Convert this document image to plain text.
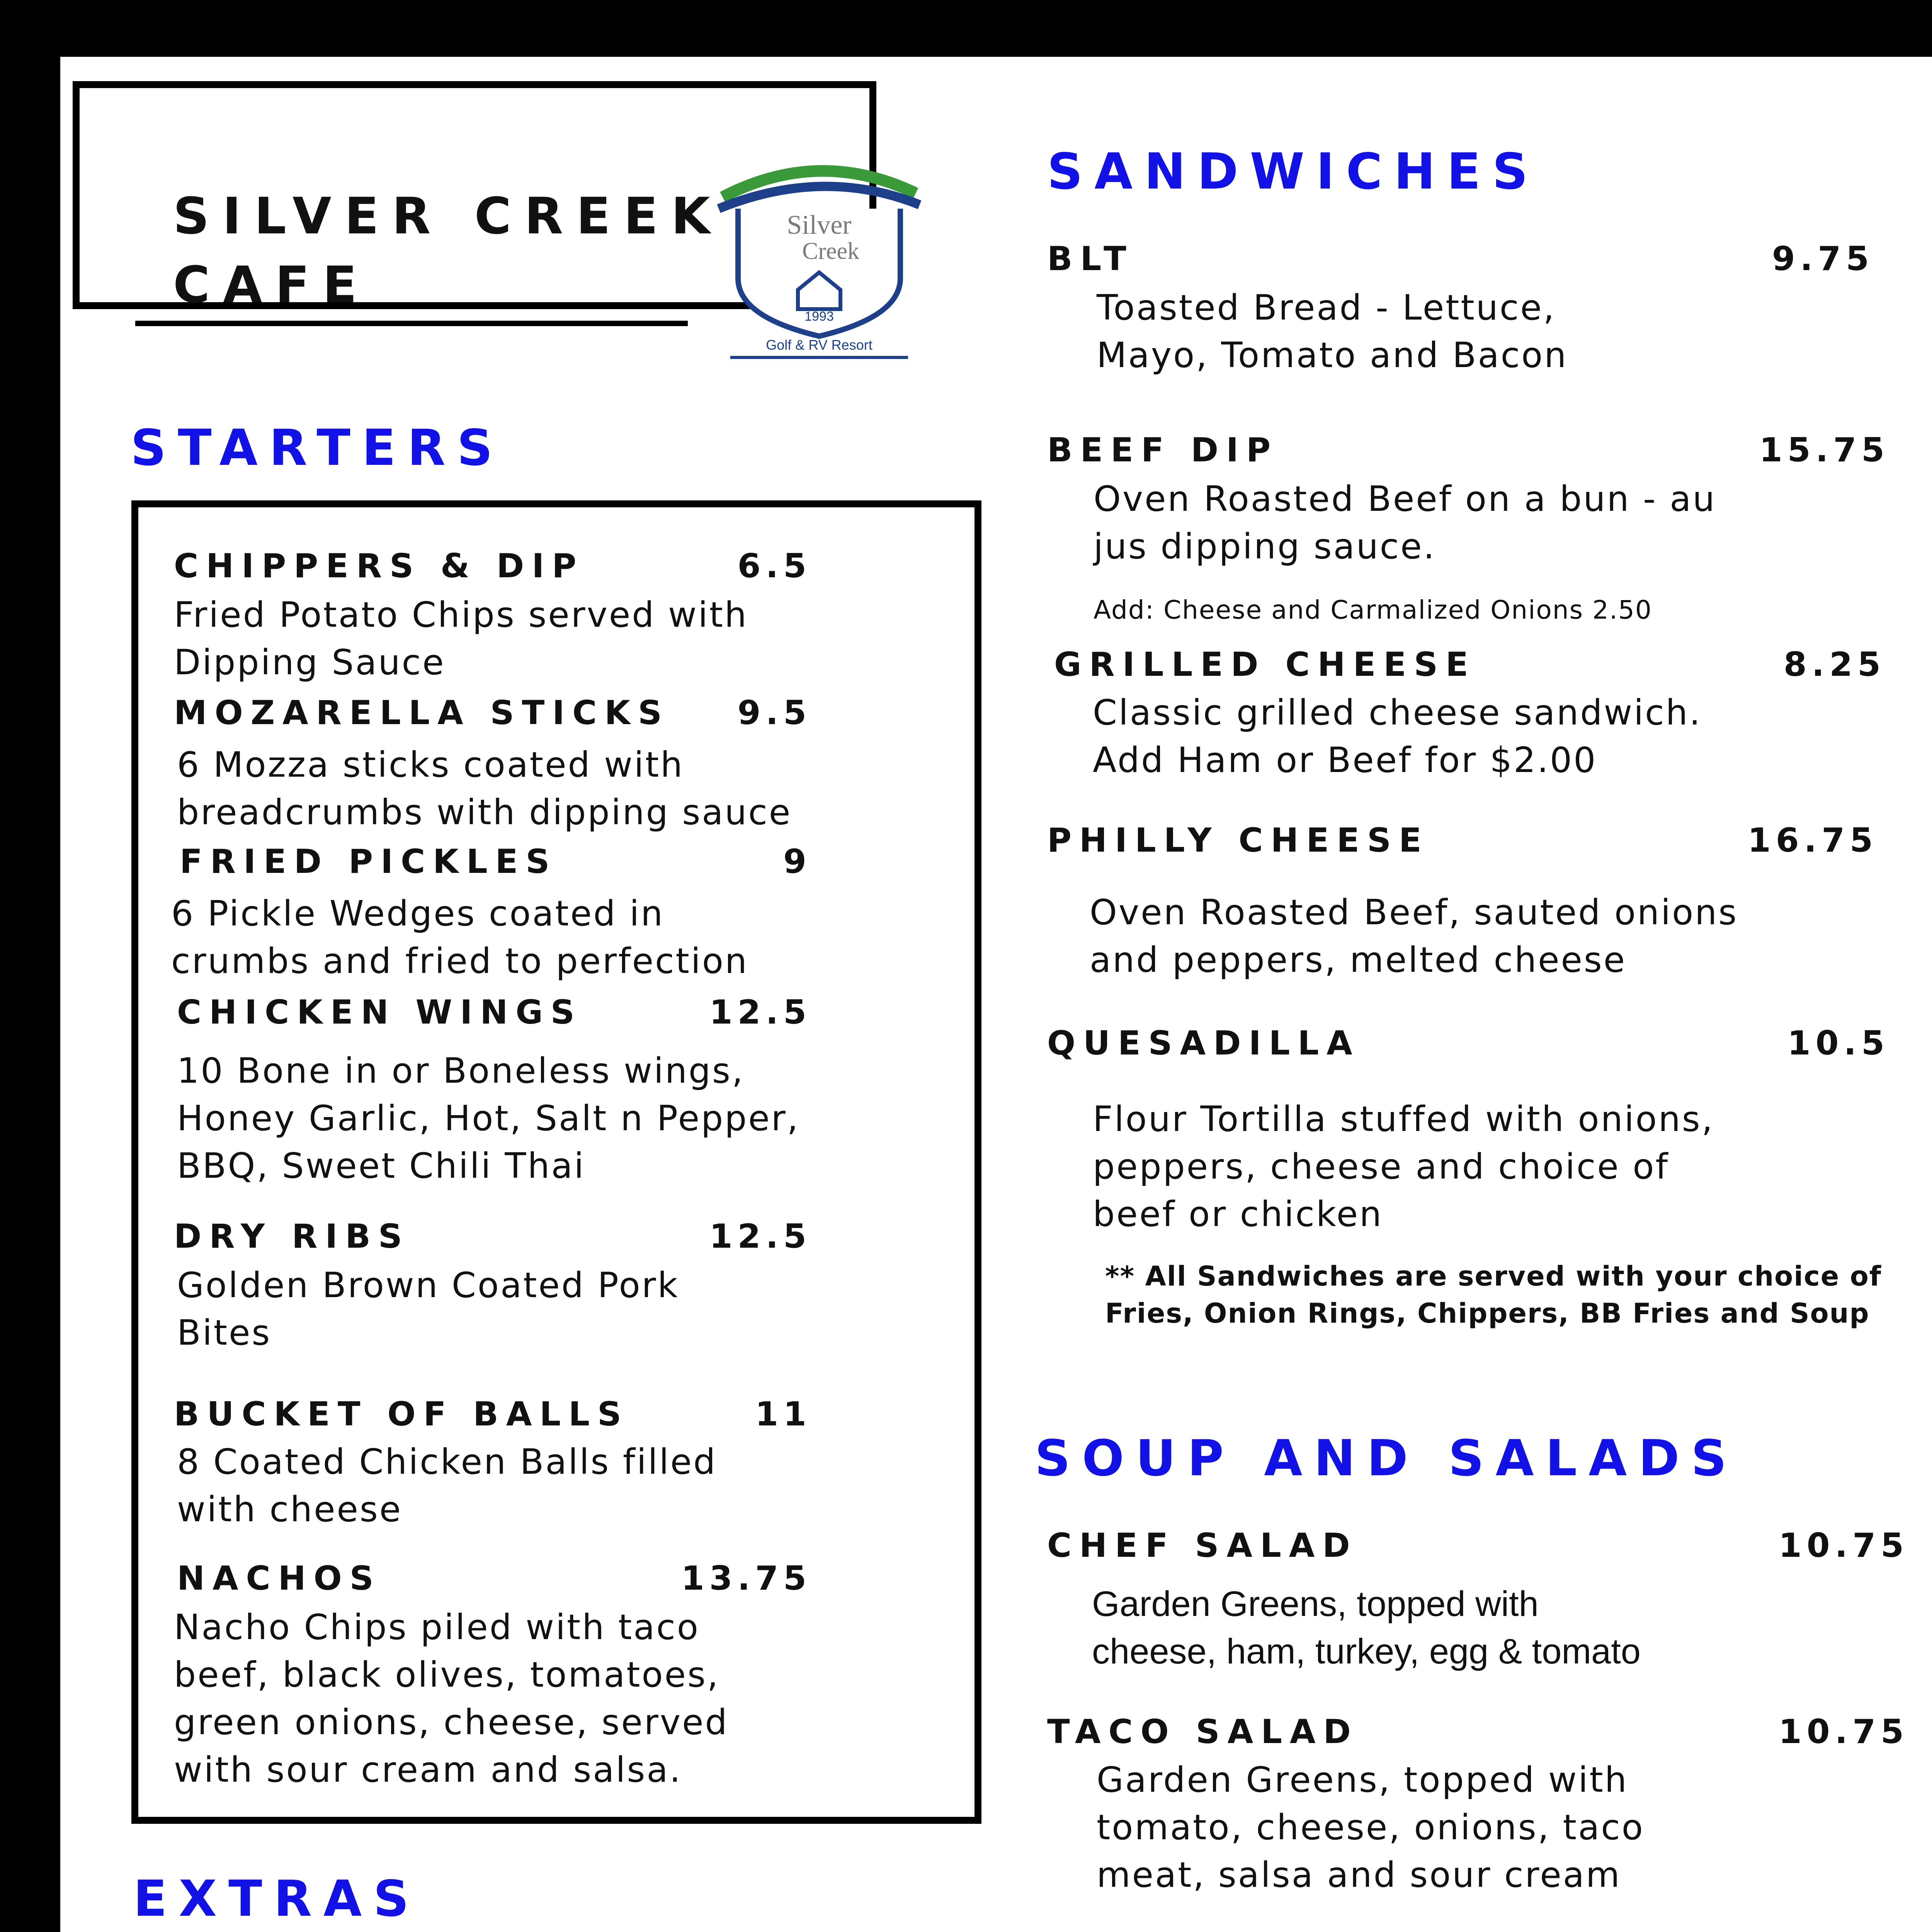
SILVER CREEK
CAFE
Silver
Creek
1993
Golf & RV Resort
STARTERS
CHIPPERS & DIP	6.5
Fried Potato Chips served with
Dipping Sauce
MOZARELLA STICKS	9.5
6 Mozza sticks coated with
breadcrumbs with dipping sauce
FRIED PICKLES	9
6 Pickle Wedges coated in
crumbs and fried to perfection
CHICKEN WINGS	12.5
10 Bone in or Boneless wings,
Honey Garlic, Hot, Salt n Pepper,
BBQ, Sweet Chili Thai
DRY RIBS	12.5
Golden Brown Coated Pork
Bites
BUCKET OF BALLS	11
8 Coated Chicken Balls filled
with cheese
NACHOS	13.75
Nacho Chips piled with taco
beef, black olives, tomatoes,
green onions, cheese, served
with sour cream and salsa.
EXTRAS
SANDWICHES
BLT	9.75
Toasted Bread - Lettuce,
Mayo, Tomato and Bacon
BEEF DIP	15.75
Oven Roasted Beef on a bun - au
jus dipping sauce.
Add: Cheese and Carmalized Onions 2.50
GRILLED CHEESE	8.25
Classic grilled cheese sandwich.
Add Ham or Beef for $2.00
PHILLY CHEESE	16.75
Oven Roasted Beef, sauted onions
and peppers, melted cheese
QUESADILLA	10.5
Flour Tortilla stuffed with onions,
peppers, cheese and choice of
beef or chicken
** All Sandwiches are served with your choice of
Fries, Onion Rings, Chippers, BB Fries and Soup
SOUP AND SALADS
CHEF SALAD	10.75
Garden Greens, topped with
cheese, ham, turkey, egg & tomato
TACO SALAD	10.75
Garden Greens, topped with
tomato, cheese, onions, taco
meat, salsa and sour cream
